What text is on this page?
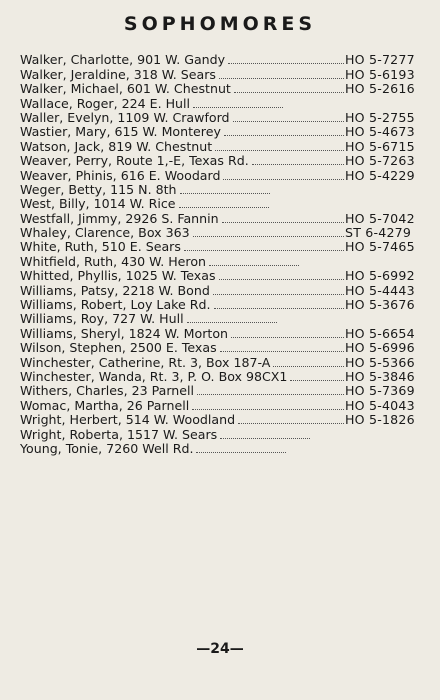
SOPHOMORES
Walker, Charlotte, 901 W. Gandy	HO 5-7277
Walker, Jeraldine, 318 W. Sears	HO 5-6193
Walker, Michael, 601 W. Chestnut	HO 5-2616
Wallace, Roger, 224 E. Hull
Waller, Evelyn, 1109 W. Crawford	HO 5-2755
Wastier, Mary, 615 W. Monterey	HO 5-4673
Watson, Jack, 819 W. Chestnut	HO 5-6715
Weaver, Perry, Route 1,-E, Texas Rd.	HO 5-7263
Weaver, Phinis, 616 E. Woodard	HO 5-4229
Weger, Betty, 115 N. 8th
West, Billy, 1014 W. Rice
Westfall, Jimmy, 2926 S. Fannin	HO 5-7042
Whaley, Clarence, Box 363	ST 6-4279
White, Ruth, 510 E. Sears	HO 5-7465
Whitfield, Ruth, 430 W. Heron
Whitted, Phyllis, 1025 W. Texas	HO 5-6992
Williams, Patsy, 2218 W. Bond	HO 5-4443
Williams, Robert, Loy Lake Rd.	HO 5-3676
Williams, Roy, 727 W. Hull
Williams, Sheryl, 1824 W. Morton	HO 5-6654
Wilson, Stephen, 2500 E. Texas	HO 5-6996
Winchester, Catherine, Rt. 3, Box 187-A	HO 5-5366
Winchester, Wanda, Rt. 3, P. O. Box 98CX1	HO 5-3846
Withers, Charles, 23 Parnell	HO 5-7369
Womac, Martha, 26 Parnell	HO 5-4043
Wright, Herbert, 514 W. Woodland	HO 5-1826
Wright, Roberta, 1517 W. Sears
Young, Tonie, 7260 Well Rd.
—24—
